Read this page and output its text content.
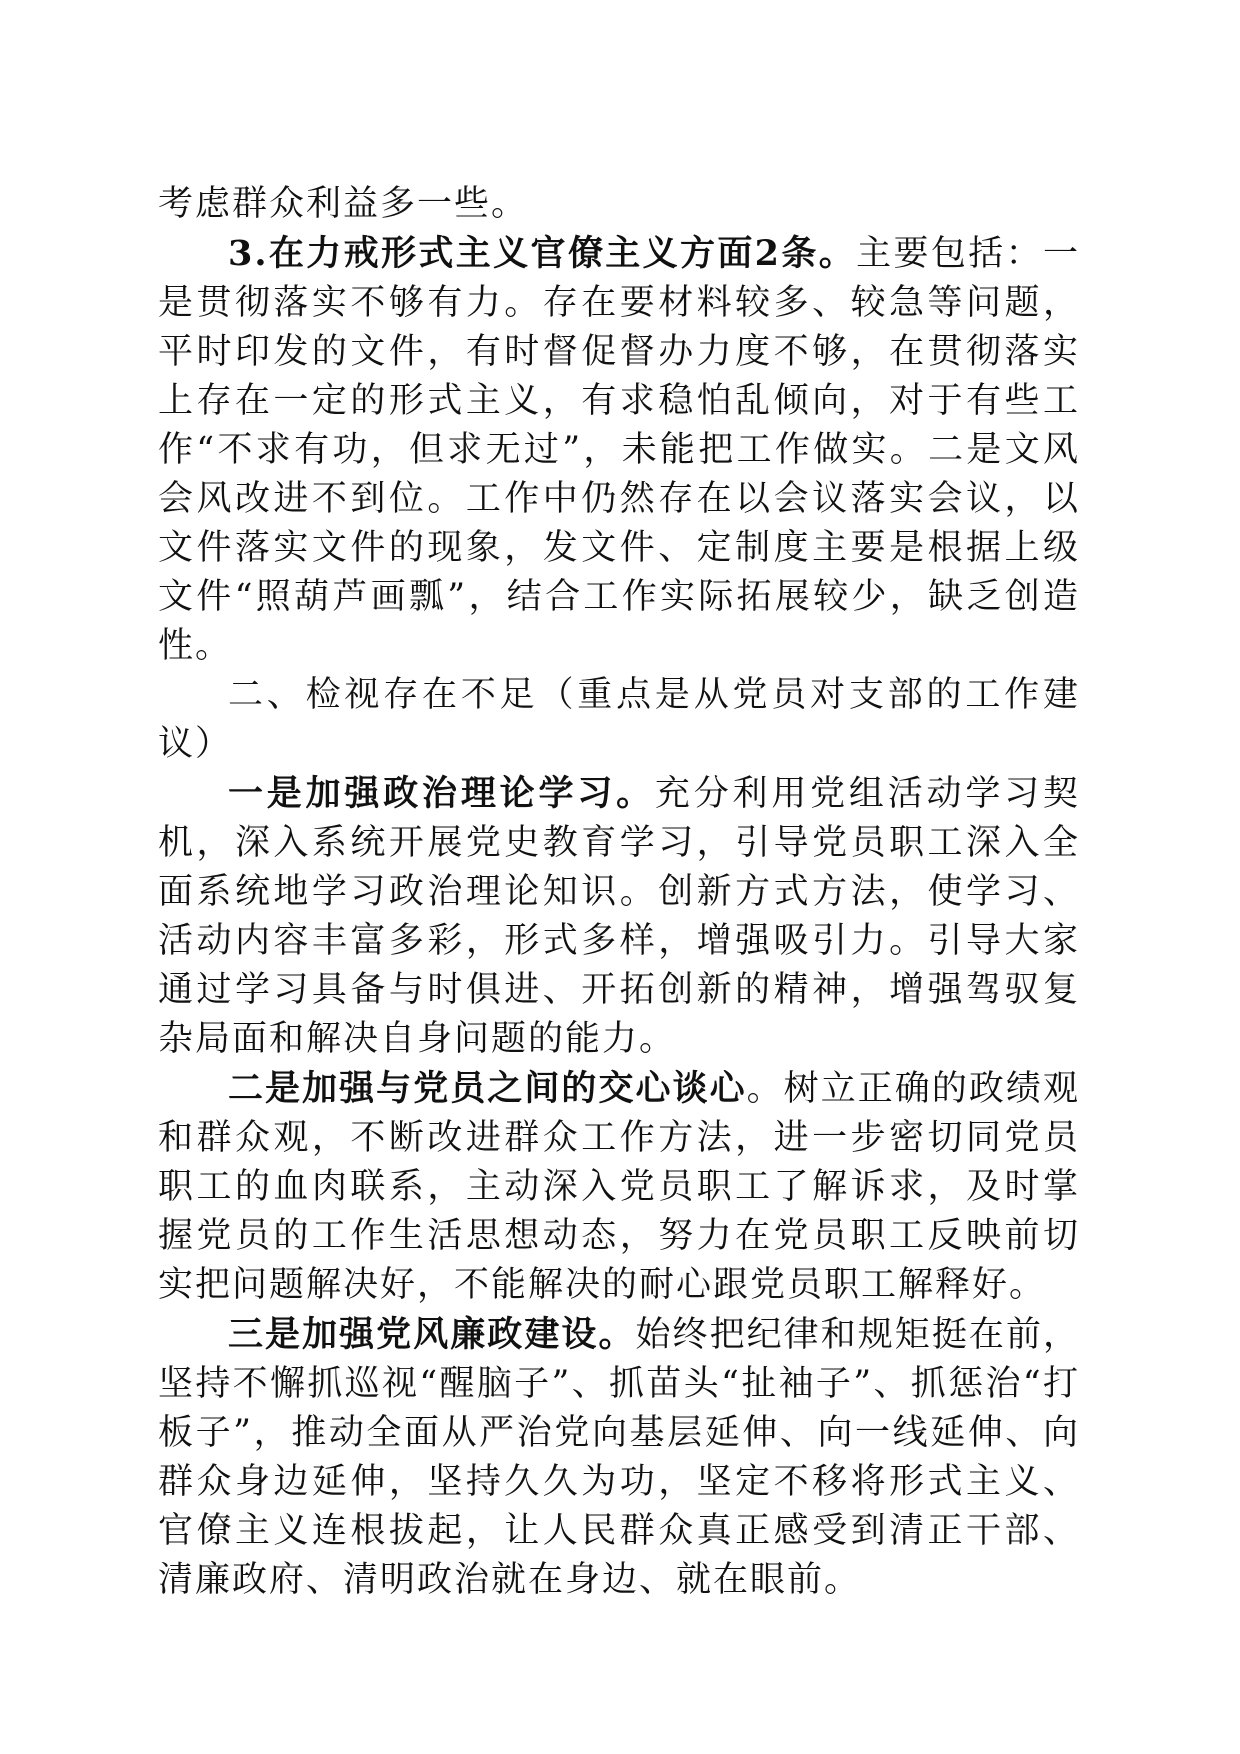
考虑群众利益多一些。

3.在力戒形式主义官僚主义方面2条。主要包括：一是贯彻落实不够有力。存在要材料较多、较急等问题，平时印发的文件，有时督促督办力度不够，在贯彻落实上存在一定的形式主义，有求稳怕乱倾向，对于有些工作“不求有功，但求无过”，未能把工作做实。二是文风会风改进不到位。工作中仍然存在以会议落实会议，以文件落实文件的现象，发文件、定制度主要是根据上级文件“照葫芦画瓢”，结合工作实际拓展较少，缺乏创造性。

二、检视存在不足（重点是从党员对支部的工作建议）

一是加强政治理论学习。充分利用党组活动学习契机，深入系统开展党史教育学习，引导党员职工深入全面系统地学习政治理论知识。创新方式方法，使学习、活动内容丰富多彩，形式多样，增强吸引力。引导大家通过学习具备与时俱进、开拓创新的精神，增强驾驭复杂局面和解决自身问题的能力。

二是加强与党员之间的交心谈心。树立正确的政绩观和群众观，不断改进群众工作方法，进一步密切同党员职工的血肉联系，主动深入党员职工了解诉求，及时掌握党员的工作生活思想动态，努力在党员职工反映前切实把问题解决好，不能解决的耐心跟党员职工解释好。

三是加强党风廉政建设。始终把纪律和规矩挺在前，坚持不懈抓巡视“醒脑子”、抓苗头“扯袖子”、抓惩治“打板子”，推动全面从严治党向基层延伸、向一线延伸、向群众身边延伸，坚持久久为功，坚定不移将形式主义、官僚主义连根拔起，让人民群众真正感受到清正干部、清廉政府、清明政治就在身边、就在眼前。
